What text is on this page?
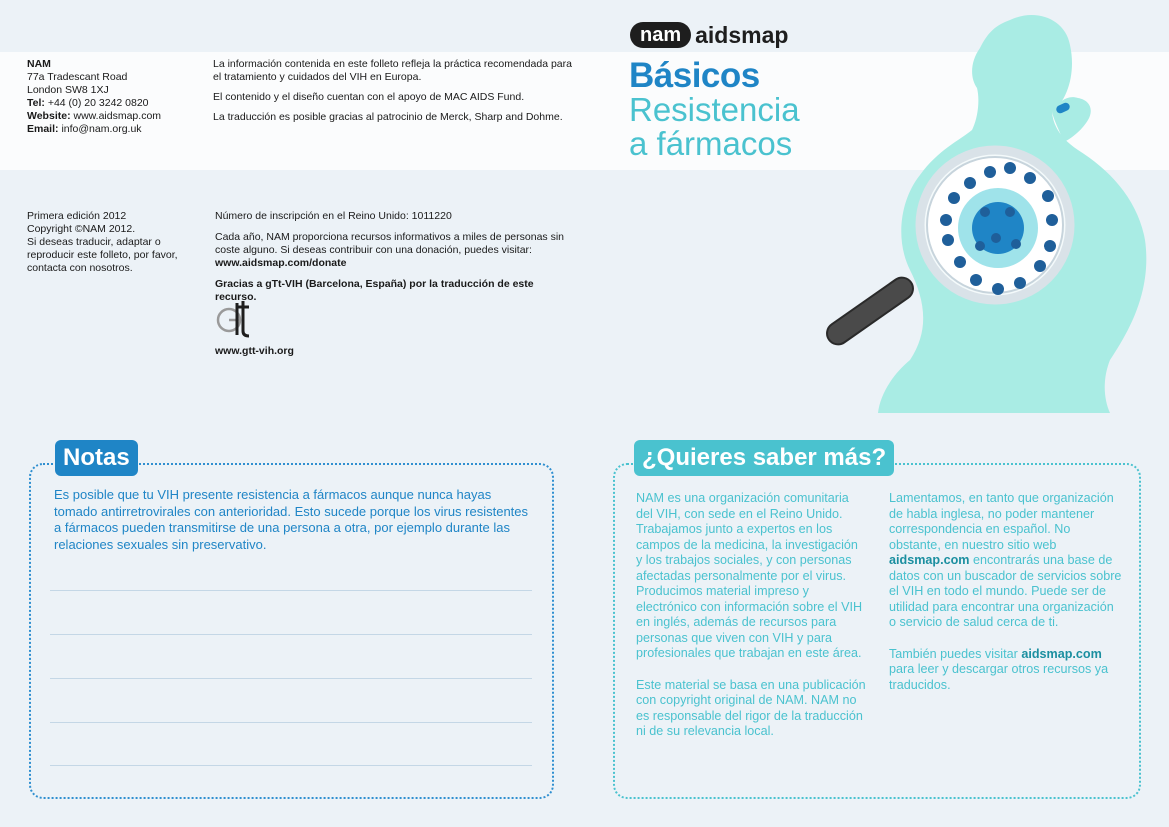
NAM
77a Tradescant Road
London SW8 1XJ
Tel: +44 (0) 20 3242 0820
Website: www.aidsmap.com
Email: info@nam.org.uk

La información contenida en este folleto refleja la práctica recomendada para el tratamiento y cuidados del VIH en Europa.

El contenido y el diseño cuentan con el apoyo de MAC AIDS Fund.

La traducción es posible gracias al patrocinio de Merck, Sharp and Dohme.

Primera edición 2012
Copyright ©NAM 2012.
Si deseas traducir, adaptar o reproducir este folleto, por favor, contacta con nosotros.

Número de inscripción en el Reino Unido: 1011220

Cada año, NAM proporciona recursos informativos a miles de personas sin coste alguno. Si deseas contribuir con una donación, puedes visitar:
www.aidsmap.com/donate

Gracias a gTt-VIH (Barcelona, España) por la traducción de este recurso.

www.gtt-vih.org
nam aidsmap
Básicos
Resistencia
a fármacos
VIH
Notas
Es posible que tu VIH presente resistencia a fármacos aunque nunca hayas tomado antirretrovirales con anterioridad. Esto sucede porque los virus resistentes a fármacos pueden transmitirse de una persona a otra, por ejemplo durante las relaciones sexuales sin preservativo.
¿Quieres saber más?

NAM es una organización comunitaria del VIH, con sede en el Reino Unido. Trabajamos junto a expertos en los campos de la medicina, la investigación y los trabajos sociales, y con personas afectadas personalmente por el virus. Producimos material impreso y electrónico con información sobre el VIH en inglés, además de recursos para personas que viven con VIH y para profesionales que trabajan en este área.

Este material se basa en una publicación con copyright original de NAM. NAM no es responsable del rigor de la traducción ni de su relevancia local.

Lamentamos, en tanto que organización de habla inglesa, no poder mantener correspondencia en español. No obstante, en nuestro sitio web aidsmap.com encontrarás una base de datos con un buscador de servicios sobre el VIH en todo el mundo. Puede ser de utilidad para encontrar una organización o servicio de salud cerca de ti.

También puedes visitar aidsmap.com para leer y descargar otros recursos ya traducidos.
